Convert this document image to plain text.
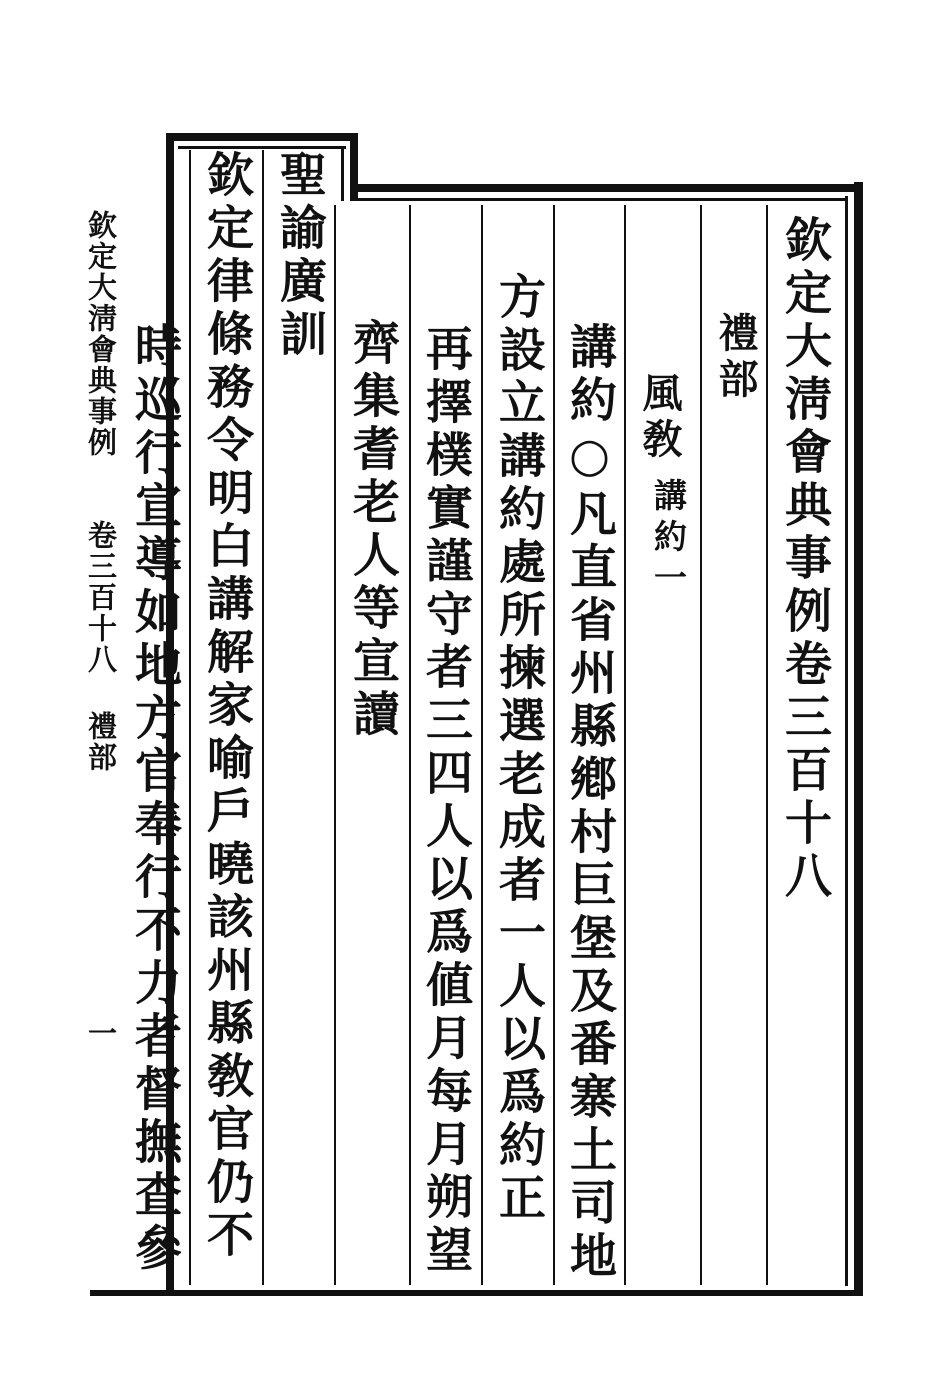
欽定大淸會典事例卷三百十八
禮部
風敎
講約一
講約○凡直省州縣鄕村巨堡及番寨土司地
方設立講約處所揀選老成者一人以爲約正
再擇樸實謹守者三四人以爲値月每月朔望
齊集耆老人等宣讀
聖諭廣訓
欽定律條務令明白講解家喻戶曉該州縣敎官仍不
時巡行宣導如地方官奉行不力者督撫查參
欽定大淸會典事例
卷三百十八 禮部
一
